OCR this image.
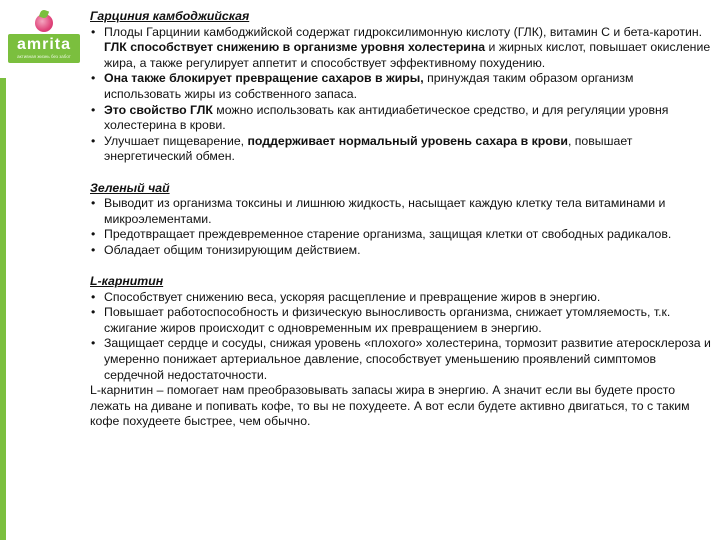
amrita
активная жизнь без забот
Гарциния камбоджийская
• Плоды Гарцинии камбоджийской содержат гидроксилимонную кислоту (ГЛК), витамин С и бета-каротин. ГЛК способствует снижению в организме уровня холестерина и жирных кислот, повышает окисление жира, а также регулирует аппетит и способствует эффективному похудению.
• Она также блокирует превращение сахаров в жиры, принуждая таким образом организм использовать жиры из собственного запаса.
• Это свойство ГЛК можно использовать как антидиабетическое средство, и для регуляции уровня холестерина в крови.
• Улучшает пищеварение, поддерживает нормальный уровень сахара в крови, повышает энергетический обмен.
Зеленый чай
• Выводит из организма токсины и лишнюю жидкость, насыщает каждую клетку тела витаминами и микроэлементами.
• Предотвращает преждевременное старение организма, защищая клетки от свободных радикалов.
• Обладает общим тонизирующим действием.
L-карнитин
• Способствует снижению веса, ускоряя расщепление и превращение жиров в энергию.
• Повышает работоспособность и физическую выносливость организма, снижает утомляемость, т.к. сжигание жиров происходит с одновременным их превращением в энергию.
• Защищает сердце и сосуды, снижая уровень «плохого» холестерина, тормозит развитие атеросклероза и умеренно понижает артериальное давление, способствует уменьшению проявлений симптомов сердечной недостаточности.

L-карнитин – помогает нам преобразовывать запасы жира в энергию. А значит если вы будете просто лежать на диване и попивать кофе, то вы не похудеете. А вот если будете активно двигаться, то с таким кофе похудеете быстрее, чем обычно.
